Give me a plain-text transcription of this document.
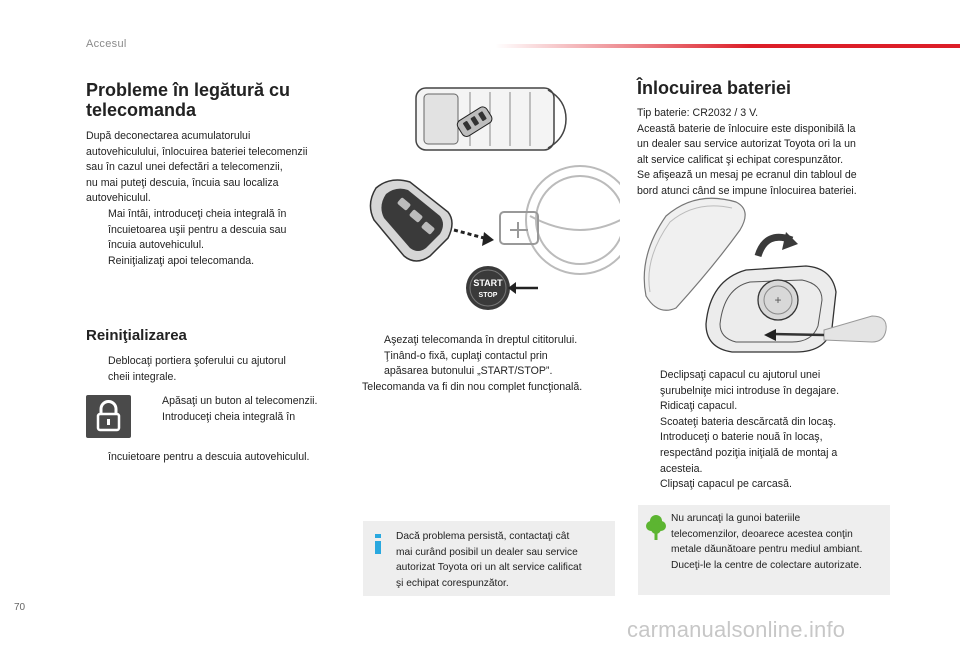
Accesul
Probleme în legătură cu
telecomanda
După deconectarea acumulatorului
autovehiculului, înlocuirea bateriei telecomenzii
sau în cazul unei defectări a telecomenzii,
nu mai puteţi descuia, încuia sau localiza
autovehiculul.
Mai întâi, introduceţi cheia integrală în
încuietoarea uşii pentru a descuia sau
încuia autovehiculul.
Reiniţializaţi apoi telecomanda.
Reiniţializarea
Deblocaţi portiera şoferului cu ajutorul
cheii integrale.
Apăsaţi un buton al telecomenzii.
Introduceţi cheia integrală în
încuietoare pentru a descuia autovehiculul.
START
STOP
Aşezaţi telecomanda în dreptul cititorului.
Ţinând-o fixă, cuplaţi contactul prin
apăsarea butonului „START/STOP”.
Telecomanda va fi din nou complet funcţională.
Dacă problema persistă, contactaţi cât
mai curând posibil un dealer sau service
autorizat Toyota ori un alt service calificat
şi echipat corespunzător.
Înlocuirea bateriei
Tip baterie: CR2032 / 3 V.
Această baterie de înlocuire este disponibilă la
un dealer sau service autorizat Toyota ori la un
alt service calificat şi echipat corespunzător.
Se afişează un mesaj pe ecranul din tabloul de
bord atunci când se impune înlocuirea bateriei.
+
Declipsaţi capacul cu ajutorul unei
şurubelniţe mici introduse în degajare.
Ridicaţi capacul.
Scoateţi bateria descărcată din locaş.
Introduceţi o baterie nouă în locaş,
respectând poziţia iniţială de montaj a
acesteia.
Clipsaţi capacul pe carcasă.
Nu aruncaţi la gunoi bateriile
telecomenzilor, deoarece acestea conţin
metale dăunătoare pentru mediul ambiant.
Duceţi-le la centre de colectare autorizate.
70
carmanualsonline.info
